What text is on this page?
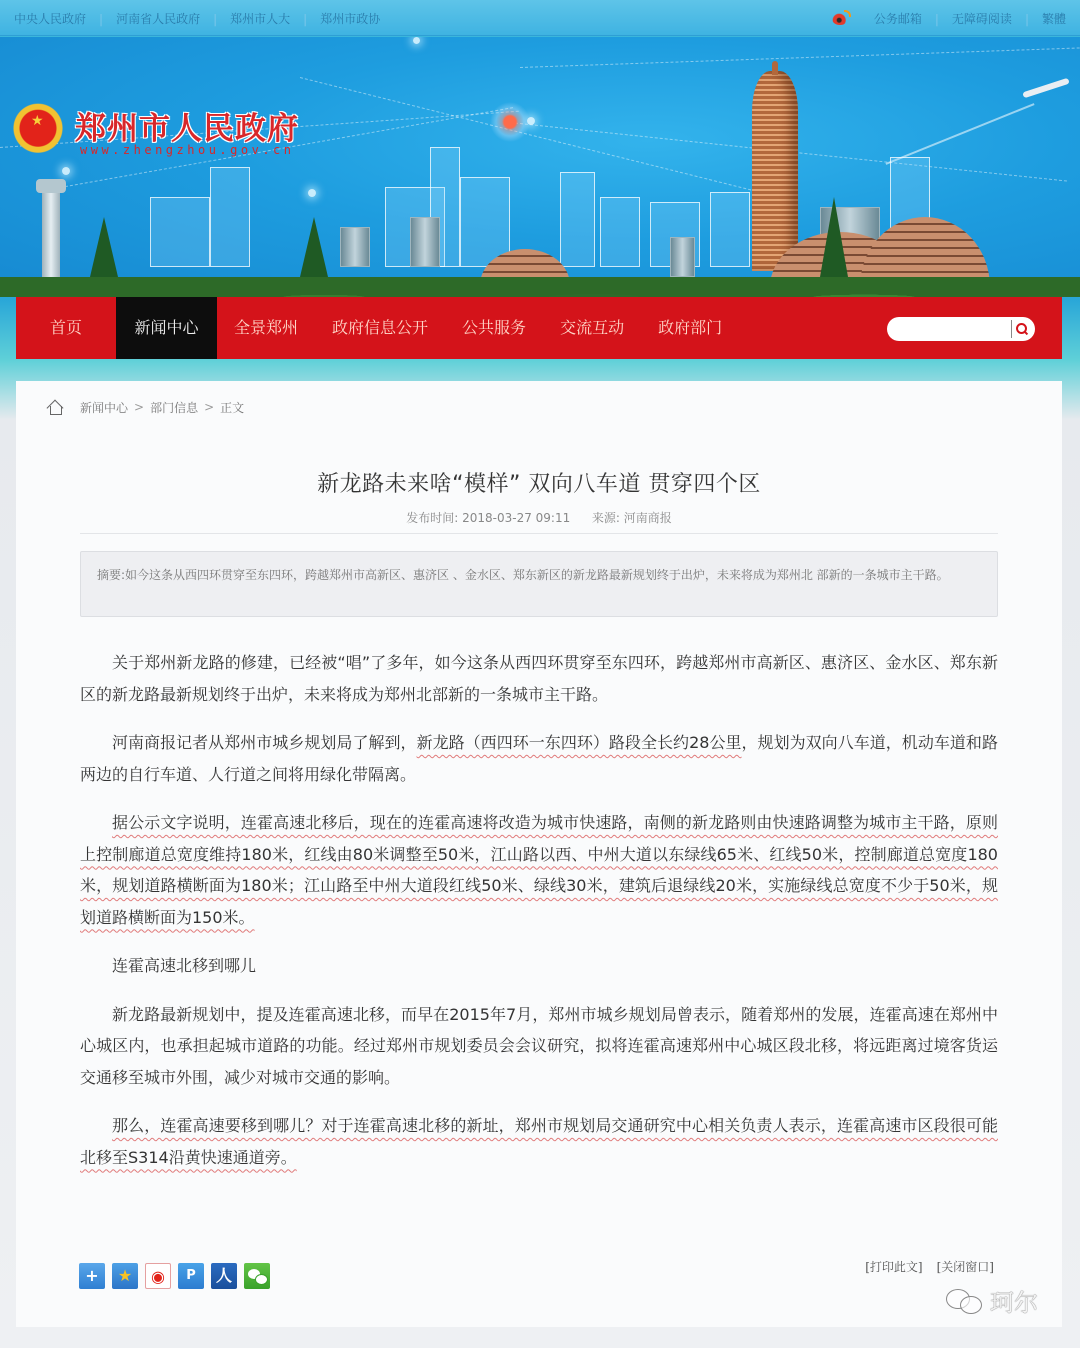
中央人民政府 | 河南省人民政府 | 郑州市人大 | 郑州市政协	公务邮箱 | 无障碍阅读 | 繁體
★
郑州市人民政府
www.zhengzhou.gov.cn
首页	新闻中心	全景郑州	政府信息公开	公共服务	交流互动	政府部门
新闻中心 > 部门信息 > 正文
新龙路未来啥“模样” 双向八车道 贯穿四个区
发布时间: 2018-03-27 09:11 来源: 河南商报
摘要:如今这条从西四环贯穿至东四环，跨越郑州市高新区、惠济区 、金水区、郑东新区的新龙路最新规划终于出炉，未来将成为郑州北 部新的一条城市主干路。

关于郑州新龙路的修建，已经被“唱”了多年，如今这条从西四环贯穿至东四环，跨越郑州市高新区、惠济区、金水区、郑东新区的新龙路最新规划终于出炉，未来将成为郑州北部新的一条城市主干路。

河南商报记者从郑州市城乡规划局了解到，新龙路（西四环一东四环）路段全长约28公里，规划为双向八车道，机动车道和路两边的自行车道、人行道之间将用绿化带隔离。

据公示文字说明，连霍高速北移后，现在的连霍高速将改造为城市快速路，南侧的新龙路则由快速路调整为城市主干路，原则上控制廊道总宽度维持180米，红线由80米调整至50米，江山路以西、中州大道以东绿线65米、红线50米，控制廊道总宽度180米，规划道路横断面为180米；江山路至中州大道段红线50米、绿线30米，建筑后退绿线20米，实施绿线总宽度不少于50米，规划道路横断面为150米。

连霍高速北移到哪儿

新龙路最新规划中，提及连霍高速北移，而早在2015年7月，郑州市城乡规划局曾表示，随着郑州的发展，连霍高速在郑州中心城区内，也承担起城市道路的功能。经过郑州市规划委员会会议研究，拟将连霍高速郑州中心城区段北移，将远距离过境客货运交通移至城市外围，减少对城市交通的影响。

那么，连霍高速要移到哪儿？对于连霍高速北移的新址，郑州市规划局交通研究中心相关负责人表示，连霍高速市区段很可能北移至S314沿黄快速通道旁。

+	★	◉	P	人	[打印此文] [关闭窗口]
珂尔
